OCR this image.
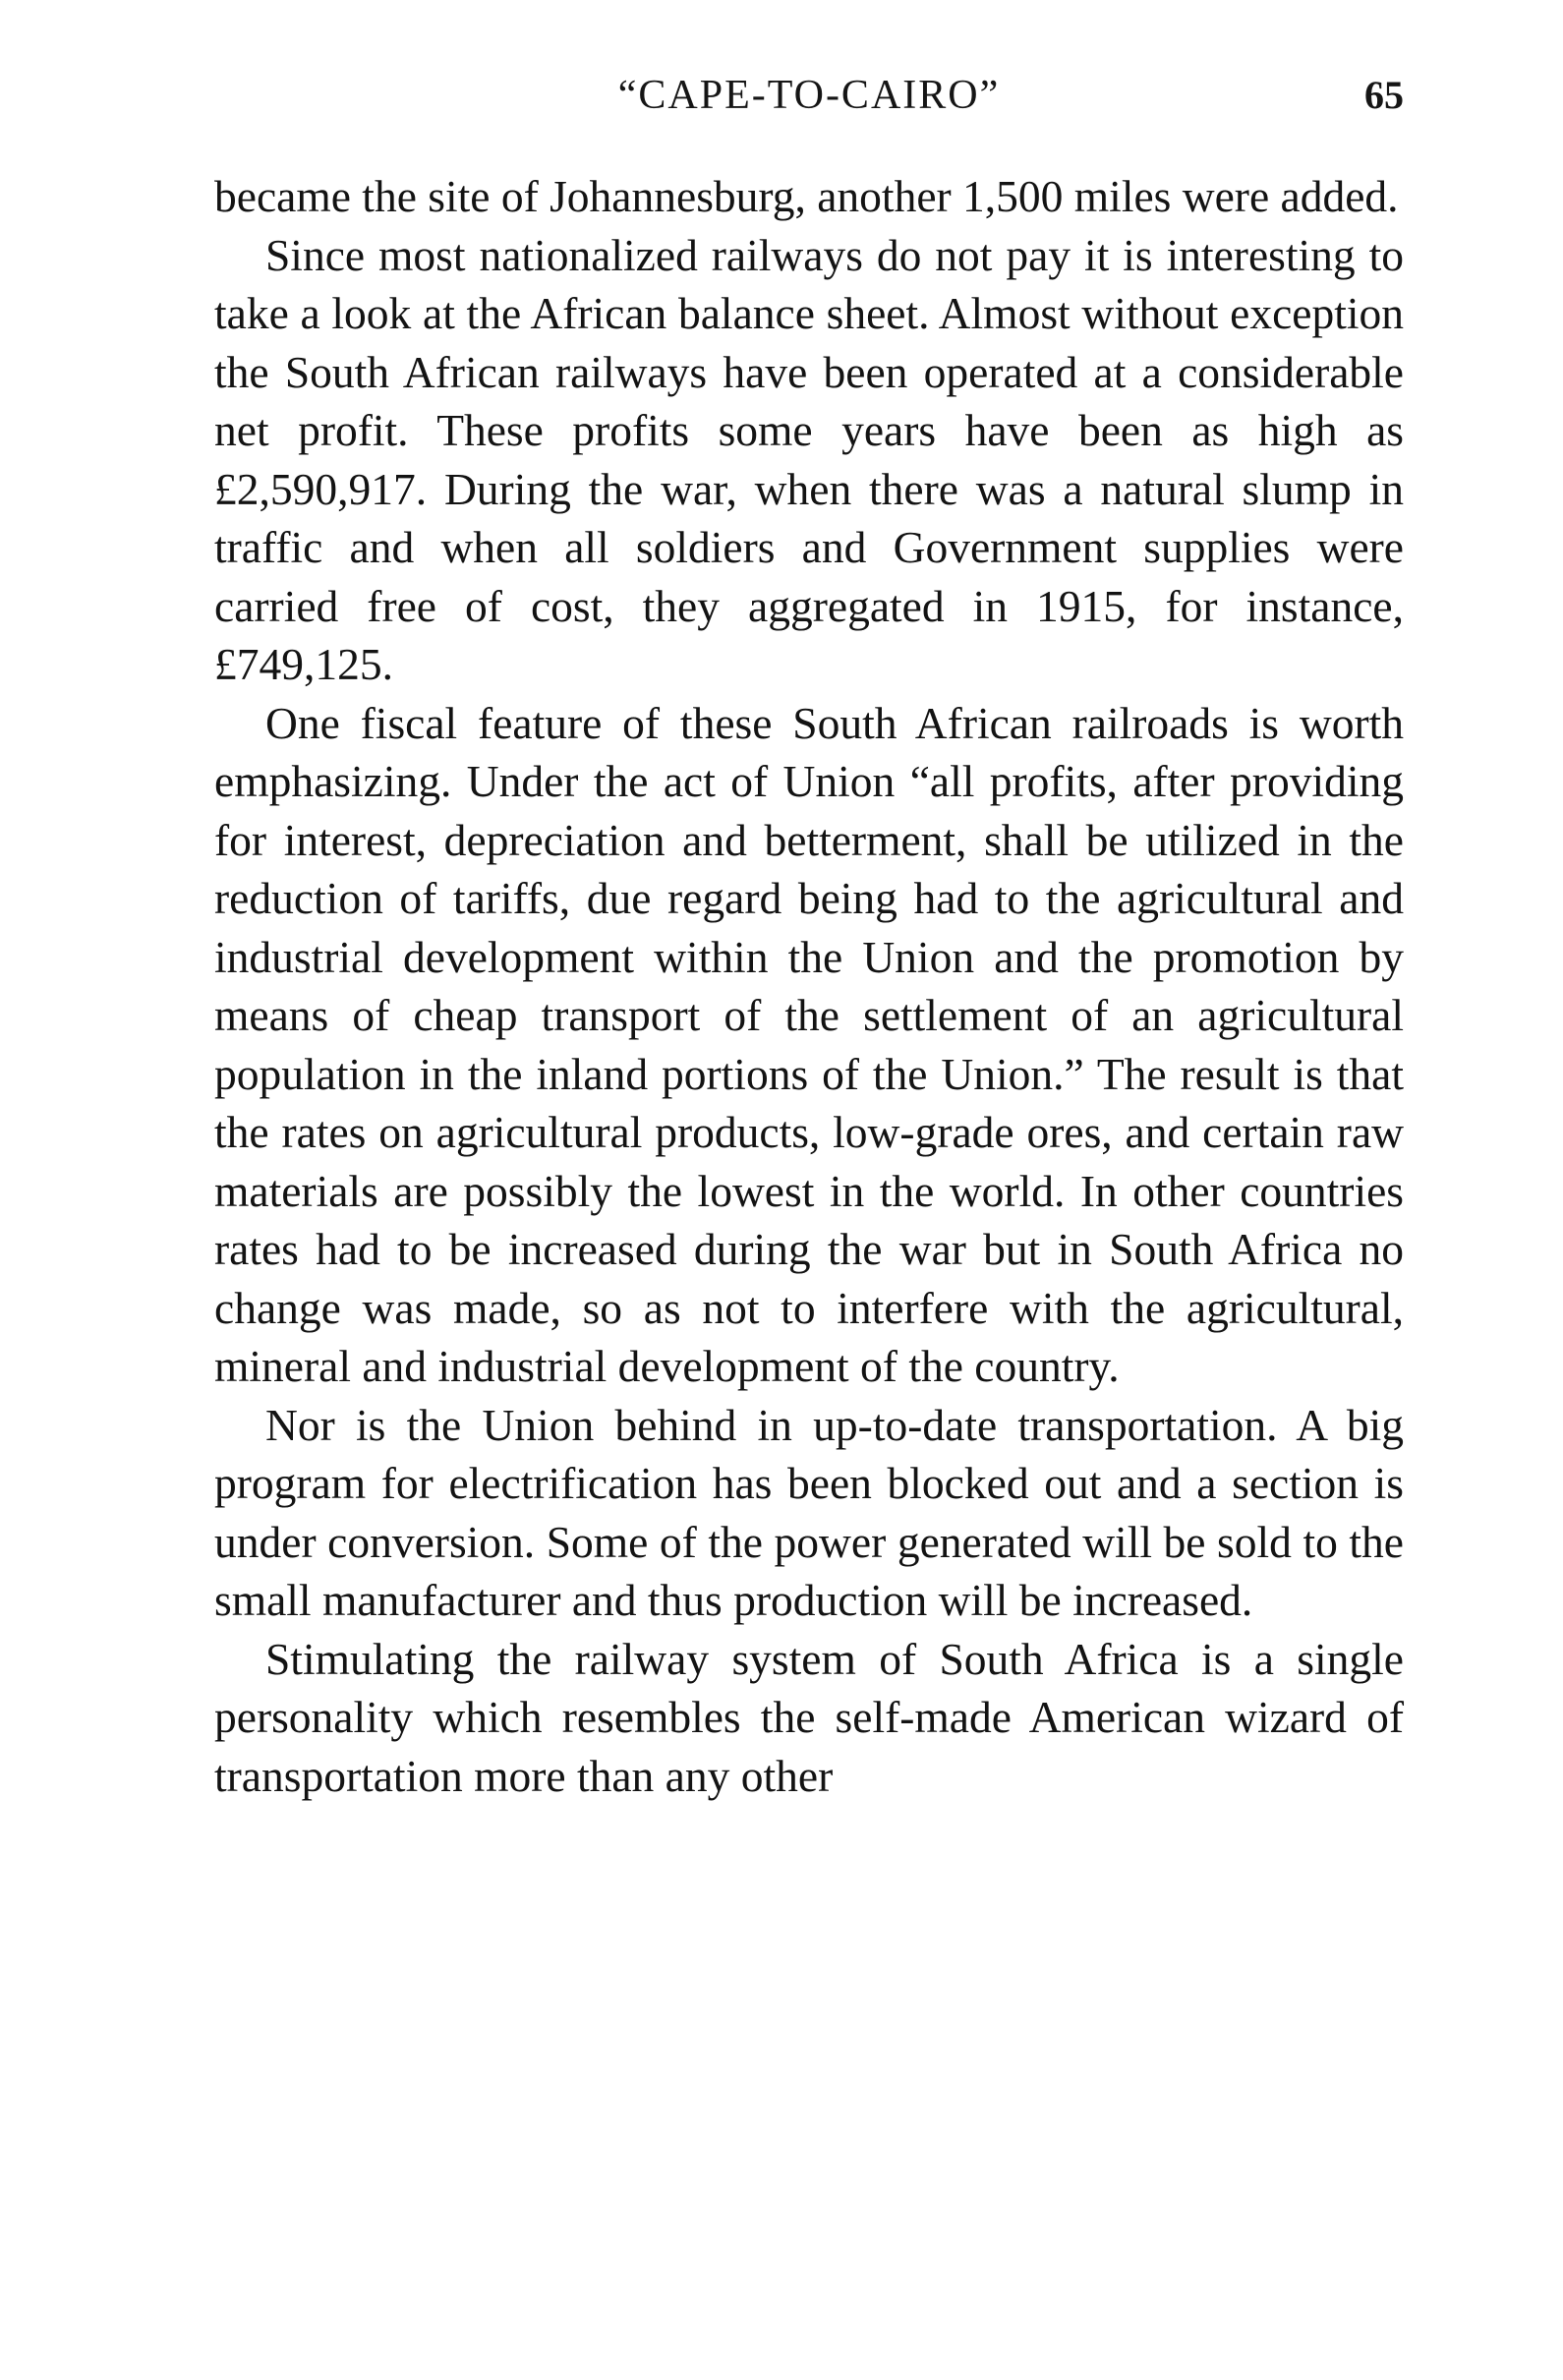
“CAPE-TO-CAIRO”	65

became the site of Johannesburg, another 1,500 miles were added.

Since most nationalized railways do not pay it is interesting to take a look at the African balance sheet. Almost without exception the South African railways have been operated at a considerable net profit. These profits some years have been as high as £2,590,917. During the war, when there was a natural slump in traffic and when all soldiers and Government supplies were carried free of cost, they aggregated in 1915, for instance, £749,125.

One fiscal feature of these South African railroads is worth emphasizing. Under the act of Union “all profits, after providing for interest, depreciation and betterment, shall be utilized in the reduction of tariffs, due regard being had to the agricultural and industrial development within the Union and the promotion by means of cheap transport of the settlement of an agricultural population in the inland portions of the Union.” The result is that the rates on agricultural products, low-grade ores, and certain raw materials are possibly the lowest in the world. In other countries rates had to be increased during the war but in South Africa no change was made, so as not to interfere with the agricultural, mineral and industrial development of the country.

Nor is the Union behind in up-to-date transportation. A big program for electrification has been blocked out and a section is under conversion. Some of the power generated will be sold to the small manufacturer and thus production will be increased.

Stimulating the railway system of South Africa is a single personality which resembles the self-made American wizard of transportation more than any other
